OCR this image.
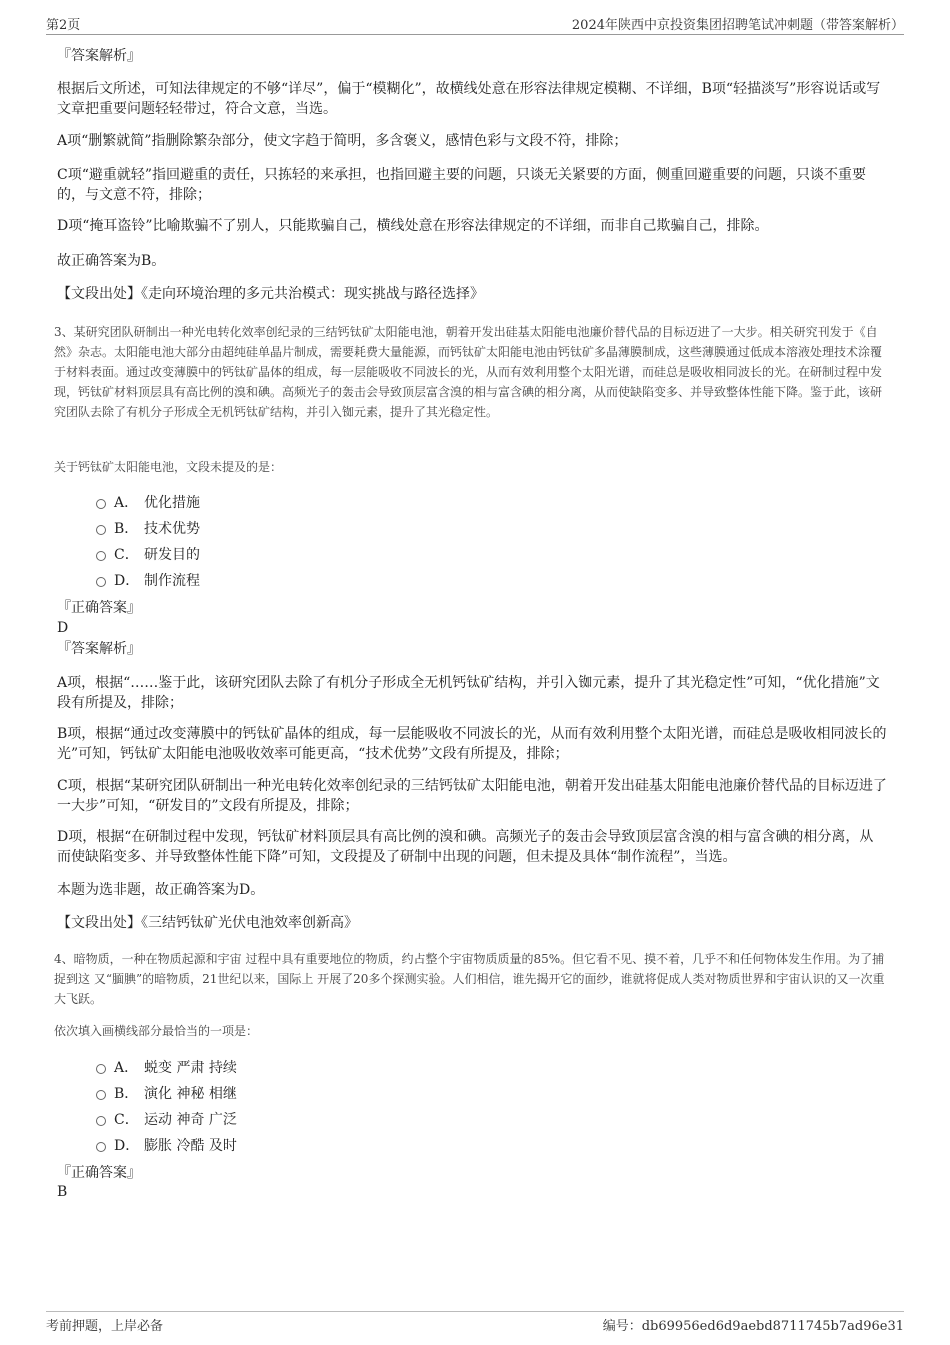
第2页	2024年陕西中京投资集团招聘笔试冲刺题（带答案解析）

『答案解析』

根据后文所述，可知法律规定的不够“详尽”，偏于“模糊化”，故横线处意在形容法律规定模糊、不详细，B项“轻描淡写”形容说话或写文章把重要问题轻轻带过，符合文意，当选。

A项“删繁就简”指删除繁杂部分，使文字趋于简明，多含褒义，感情色彩与文段不符，排除；

C项“避重就轻”指回避重的责任，只拣轻的来承担，也指回避主要的问题，只谈无关紧要的方面，侧重回避重要的问题，只谈不重要的，与文意不符，排除；

D项“掩耳盗铃”比喻欺骗不了别人，只能欺骗自己，横线处意在形容法律规定的不详细，而非自己欺骗自己，排除。

故正确答案为B。

【文段出处】《走向环境治理的多元共治模式：现实挑战与路径选择》

3、某研究团队研制出一种光电转化效率创纪录的三结钙钛矿太阳能电池，朝着开发出硅基太阳能电池廉价替代品的目标迈进了一大步。相关研究刊发于《自然》杂志。太阳能电池大部分由超纯硅单晶片制成，需要耗费大量能源，而钙钛矿太阳能电池由钙钛矿多晶薄膜制成，这些薄膜通过低成本溶液处理技术涂覆于材料表面。通过改变薄膜中的钙钛矿晶体的组成，每一层能吸收不同波长的光，从而有效利用整个太阳光谱，而硅总是吸收相同波长的光。在研制过程中发现，钙钛矿材料顶层具有高比例的溴和碘。高频光子的轰击会导致顶层富含溴的相与富含碘的相分离，从而使缺陷变多、并导致整体性能下降。鉴于此，该研究团队去除了有机分子形成全无机钙钛矿结构，并引入铷元素，提升了其光稳定性。

关于钙钛矿太阳能电池，文段未提及的是：

A． 优化措施
B． 技术优势
C． 研发目的
D． 制作流程

『正确答案』

D

『答案解析』

A项，根据“……鉴于此，该研究团队去除了有机分子形成全无机钙钛矿结构，并引入铷元素，提升了其光稳定性”可知，“优化措施”文段有所提及，排除；

B项，根据“通过改变薄膜中的钙钛矿晶体的组成，每一层能吸收不同波长的光，从而有效利用整个太阳光谱，而硅总是吸收相同波长的光”可知，钙钛矿太阳能电池吸收效率可能更高，“技术优势”文段有所提及，排除；

C项，根据“某研究团队研制出一种光电转化效率创纪录的三结钙钛矿太阳能电池，朝着开发出硅基太阳能电池廉价替代品的目标迈进了一大步”可知，“研发目的”文段有所提及，排除；

D项，根据“在研制过程中发现，钙钛矿材料顶层具有高比例的溴和碘。高频光子的轰击会导致顶层富含溴的相与富含碘的相分离，从而使缺陷变多、并导致整体性能下降”可知，文段提及了研制中出现的问题，但未提及具体“制作流程”，当选。

本题为选非题，故正确答案为D。

【文段出处】《三结钙钛矿光伏电池效率创新高》

4、暗物质，一种在物质起源和宇宙 过程中具有重要地位的物质，约占整个宇宙物质质量的85%。但它看不见、摸不着，几乎不和任何物体发生作用。为了捕捉到这 又“腼腆”的暗物质，21世纪以来，国际上 开展了20多个探测实验。人们相信，谁先揭开它的面纱，谁就将促成人类对物质世界和宇宙认识的又一次重大飞跃。

依次填入画横线部分最恰当的一项是：

A． 蜕变 严肃 持续
B． 演化 神秘 相继
C． 运动 神奇 广泛
D． 膨胀 冷酷 及时

『正确答案』

B

考前押题，上岸必备	编号：db69956ed6d9aebd8711745b7ad96e31
